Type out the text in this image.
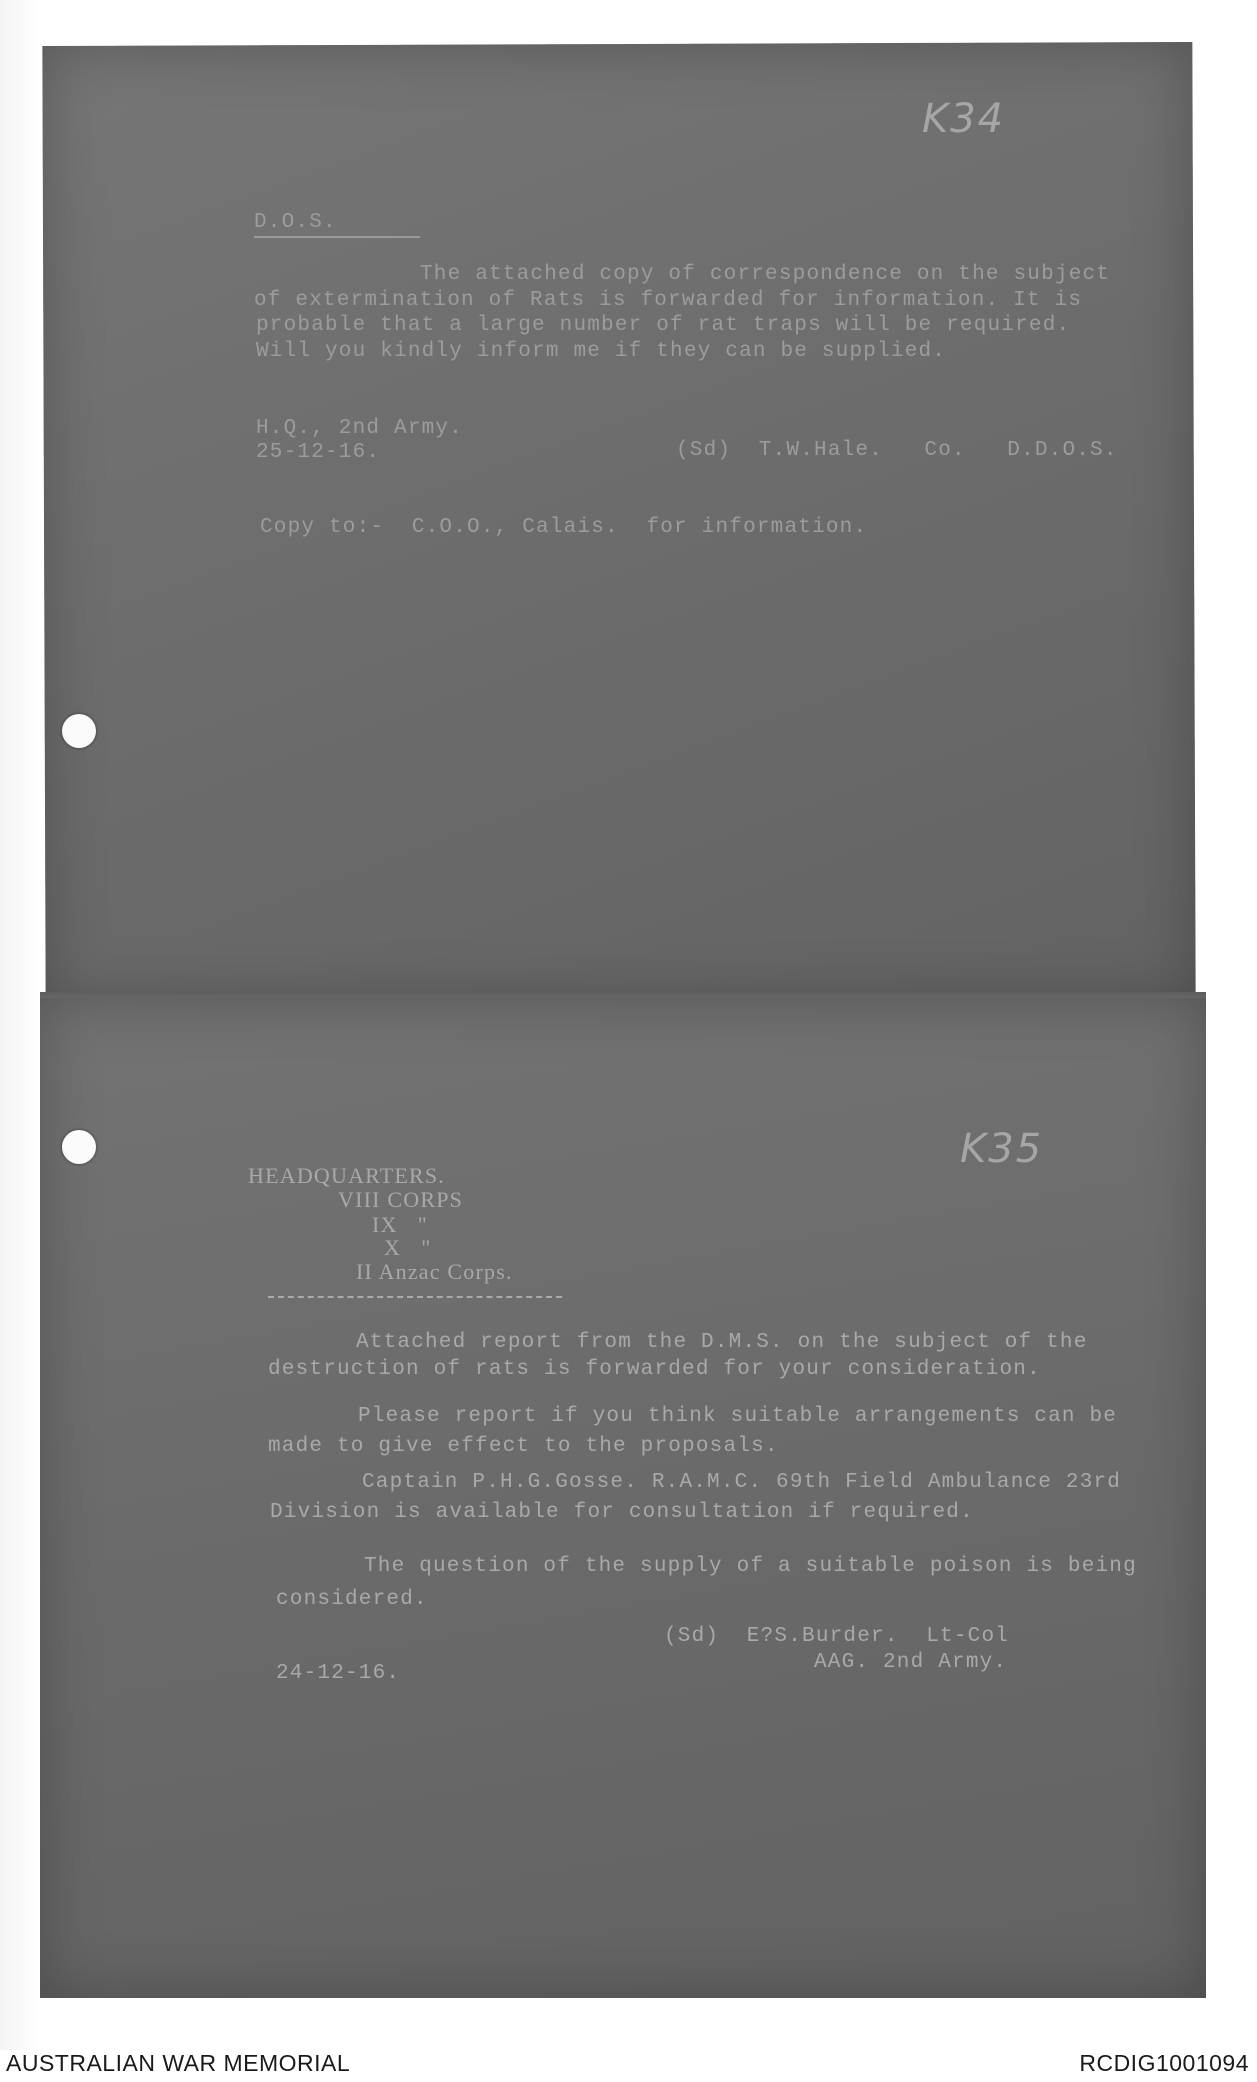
K34
D.O.S.
The attached copy of correspondence on the subject
of extermination of Rats is forwarded for information. It is
probable that a large number of rat traps will be required.
Will you kindly inform me if they can be supplied.
H.Q., 2nd Army.
25-12-16.	(Sd)  T.W.Hale.   Co.   D.D.O.S.
Copy to:-  C.O.O., Calais.  for information.
K35
HEADQUARTERS.
VIII CORPS
IX   "
X   "
II Anzac Corps.
Attached report from the D.M.S. on the subject of the
destruction of rats is forwarded for your consideration.
Please report if you think suitable arrangements can be
made to give effect to the proposals.
Captain P.H.G.Gosse. R.A.M.C. 69th Field Ambulance 23rd
Division is available for consultation if required.
The question of the supply of a suitable poison is being
considered.
(Sd)  E?S.Burder.  Lt-Col
AAG. 2nd Army.
24-12-16.
AUSTRALIAN WAR MEMORIAL	RCDIG1001094
